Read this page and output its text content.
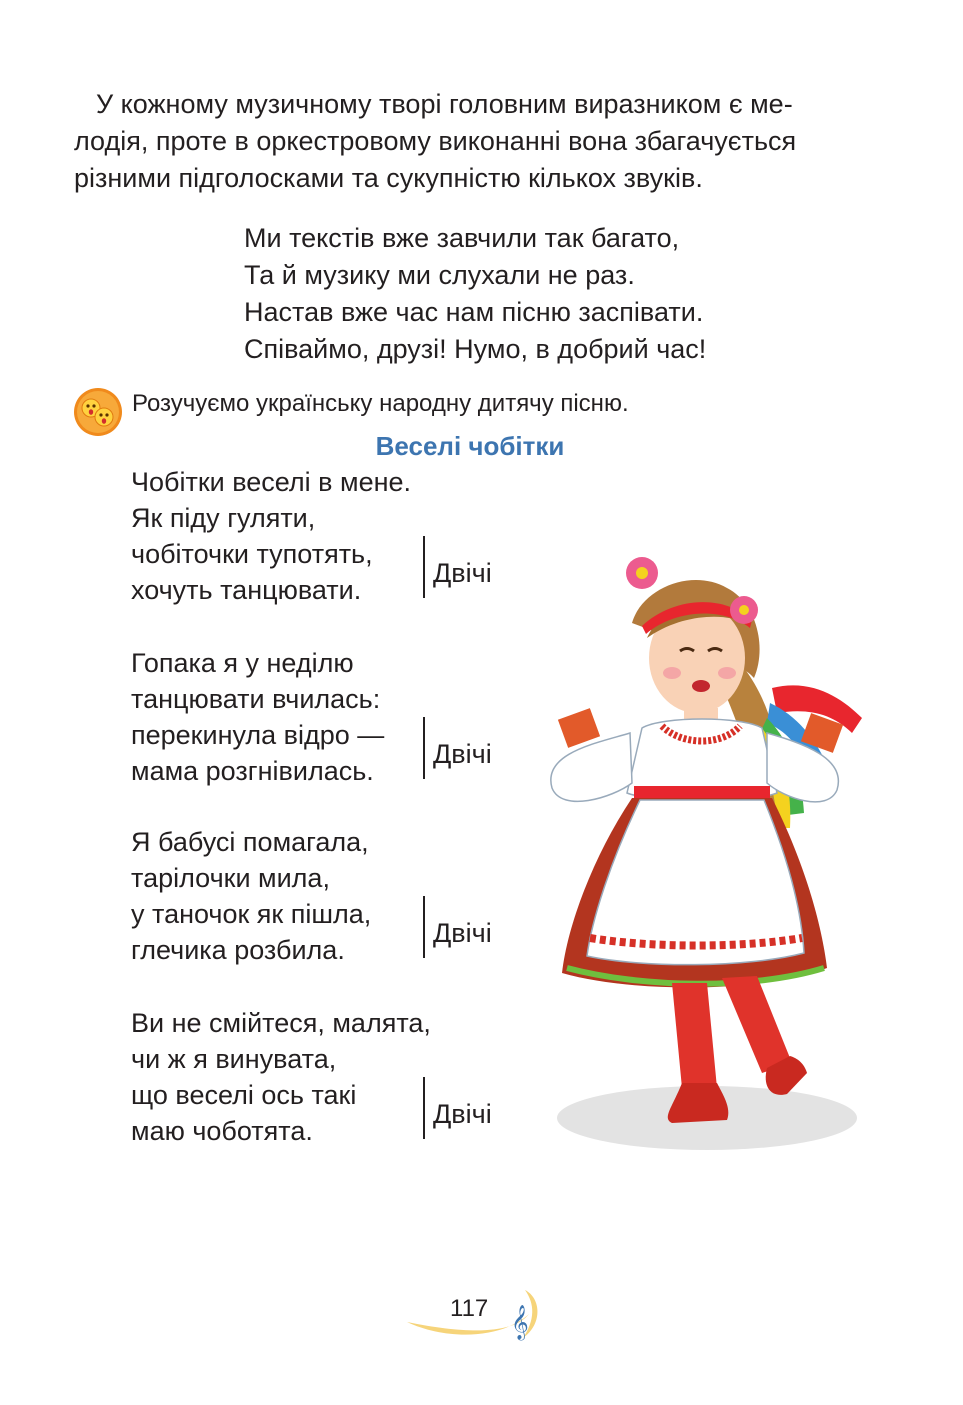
У кожному музичному творі головним виразником є ме-
лодія, проте в оркестровому виконанні вона збагачується
різними підголосками та сукупністю кількох звуків.
Ми текстів вже завчили так багато,
Та й музику ми слухали не раз.
Настав вже час нам пісню заспівати.
Співаймо, друзі! Нумо, в добрий час!
Розучуємо українську народну дитячу пісню.
Веселі чобітки
Чобітки веселі в мене.
Як піду гуляти,
чобіточки тупотять,
хочуть танцювати.
Двічі
Гопака я у неділю
танцювати вчилась:
перекинула відро —
мама розгнівилась.
Двічі
Я бабусі помагала,
тарілочки мила,
у таночок як пішла,
глечика розбила.
Двічі
Ви не смійтеся, малята,
чи ж я винувата,
що веселі ось такі
маю чоботята.
Двічі
𝄞
117
